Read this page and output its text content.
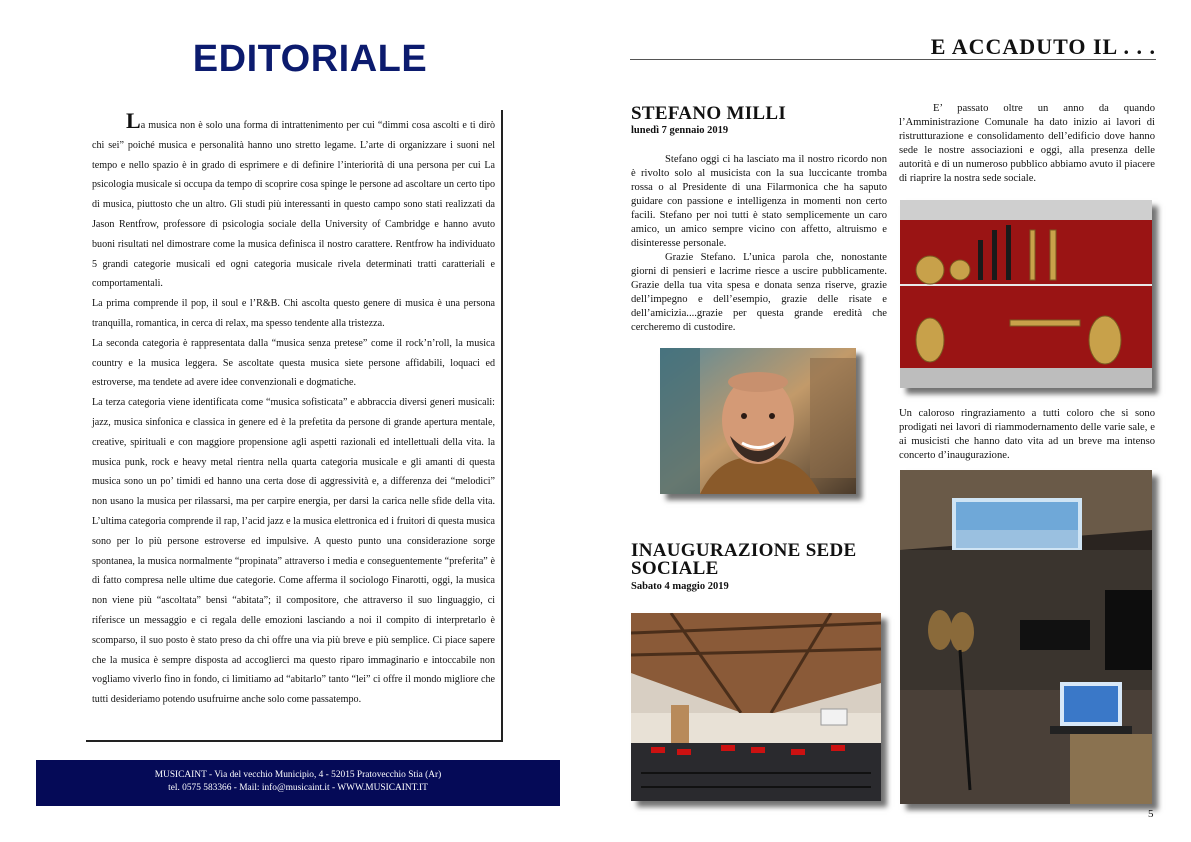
EDITORIALE

La musica non è solo una forma di intrattenimento per cui “dimmi cosa ascolti e ti dirò chi sei” poiché musica e personalità hanno uno stretto legame. L’arte di organizzare i suoni nel tempo e nello spazio è in grado di esprimere e di definire l’interiorità di una persona per cui La psicologia musicale si occupa da tempo di scoprire cosa spinge le persone ad ascoltare un certo tipo di musica, piuttosto che un altro. Gli studi più interessanti in questo campo sono stati realizzati da Jason Rentfrow, professore di psicologia sociale della University of Cambridge e hanno avuto buoni risultati nel dimostrare come la musica definisca il nostro carattere. Rentfrow ha individuato 5 grandi categorie musicali ed ogni categoria musicale rivela determinati tratti caratteriali e comportamentali.

La prima comprende il pop, il soul e l’R&B. Chi ascolta questo genere di musica è una persona tranquilla, romantica, in cerca di relax, ma spesso tendente alla tristezza.

La seconda categoria è rappresentata dalla “musica senza pretese” come il rock’n’roll, la musica country e la musica leggera. Se ascoltate questa musica siete persone affidabili, loquaci ed estroverse, ma tendete ad avere idee convenzionali e dogmatiche.

La terza categoria viene identificata come “musica sofisticata” e abbraccia diversi generi musicali: jazz, musica sinfonica e classica in genere ed è la prefetita da persone di grande apertura mentale, creative, spirituali e con maggiore propensione agli aspetti razionali ed intellettuali della vita. la musica punk, rock e heavy metal rientra nella quarta categoria musicale e gli amanti di questa musica sono un po’ timidi ed hanno una certa dose di aggressività e, a differenza dei “melodici” non usano la musica per rilassarsi, ma per carpire energia, per darsi la carica nelle sfide della vita. L’ultima categoria comprende il rap, l’acid jazz e la musica elettronica ed i fruitori di questa musica sono per lo più persone estroverse ed impulsive. A questo punto una considerazione sorge spontanea, la musica normalmente “propinata” attraverso i media e conseguentemente “preferita” è di fatto compresa nelle ultime due categorie. Come afferma il sociologo Finarotti, oggi, la musica non viene più “ascoltata” bensì “abitata”; il compositore, che attraverso il suo linguaggio, ci riferisce un messaggio e ci regala delle emozioni lasciando a noi il compito di interpretarlo è scomparso, il suo posto è stato preso da chi offre una via più breve e più semplice. Ci piace sapere che la musica è sempre disposta ad accoglierci ma questo riparo immaginario e intoccabile non vogliamo viverlo fino in fondo, ci limitiamo ad “abitarlo” tanto “lei” ci offre il mondo migliore che tutti desideriamo potendo usufruirne anche solo come passatempo.

MUSICAINT - Via del vecchio Municipio, 4 - 52015 Pratovecchio Stia (Ar)
tel. 0575 583366 - Mail: info@musicaint.it - WWW.MUSICAINT.IT
E ACCADUTO IL . . .
STEFANO MILLI
lunedì 7 gennaio 2019

Stefano oggi ci ha lasciato ma il nostro ricordo non è rivolto solo al musicista con la sua luccicante tromba rossa o al Presidente di una Filarmonica che ha saputo guidare con passione e intelligenza in momenti non certo facili. Stefano per noi tutti è stato semplicemente un caro amico, un amico sempre vicino con affetto, altruismo e disinteresse personale.

Grazie Stefano. L’unica parola che, nonostante giorni di pensieri e lacrime riesce a uscire pubblicamente. Grazie della tua vita spesa e donata senza riserve, grazie dell’impegno e dell’esempio, grazie delle risate e dell’amicizia....grazie per questa grande eredità che cercheremo di custodire.

INAUGURAZIONE SEDE
SOCIALE
Sabato 4 maggio 2019

E’ passato oltre un anno da quando l’Amministrazione Comunale ha dato inizio ai lavori di ristrutturazione e consolidamento dell’edificio dove hanno sede le nostre associazioni e oggi, alla presenza delle autorità e di un numeroso pubblico abbiamo avuto il piacere di riaprire la nostra sede sociale.

Un caloroso ringraziamento a tutti coloro che si sono prodigati nei lavori di riammodernamento delle varie sale, e ai musicisti che hanno dato vita ad un breve ma intenso concerto d’inaugurazione.

5
